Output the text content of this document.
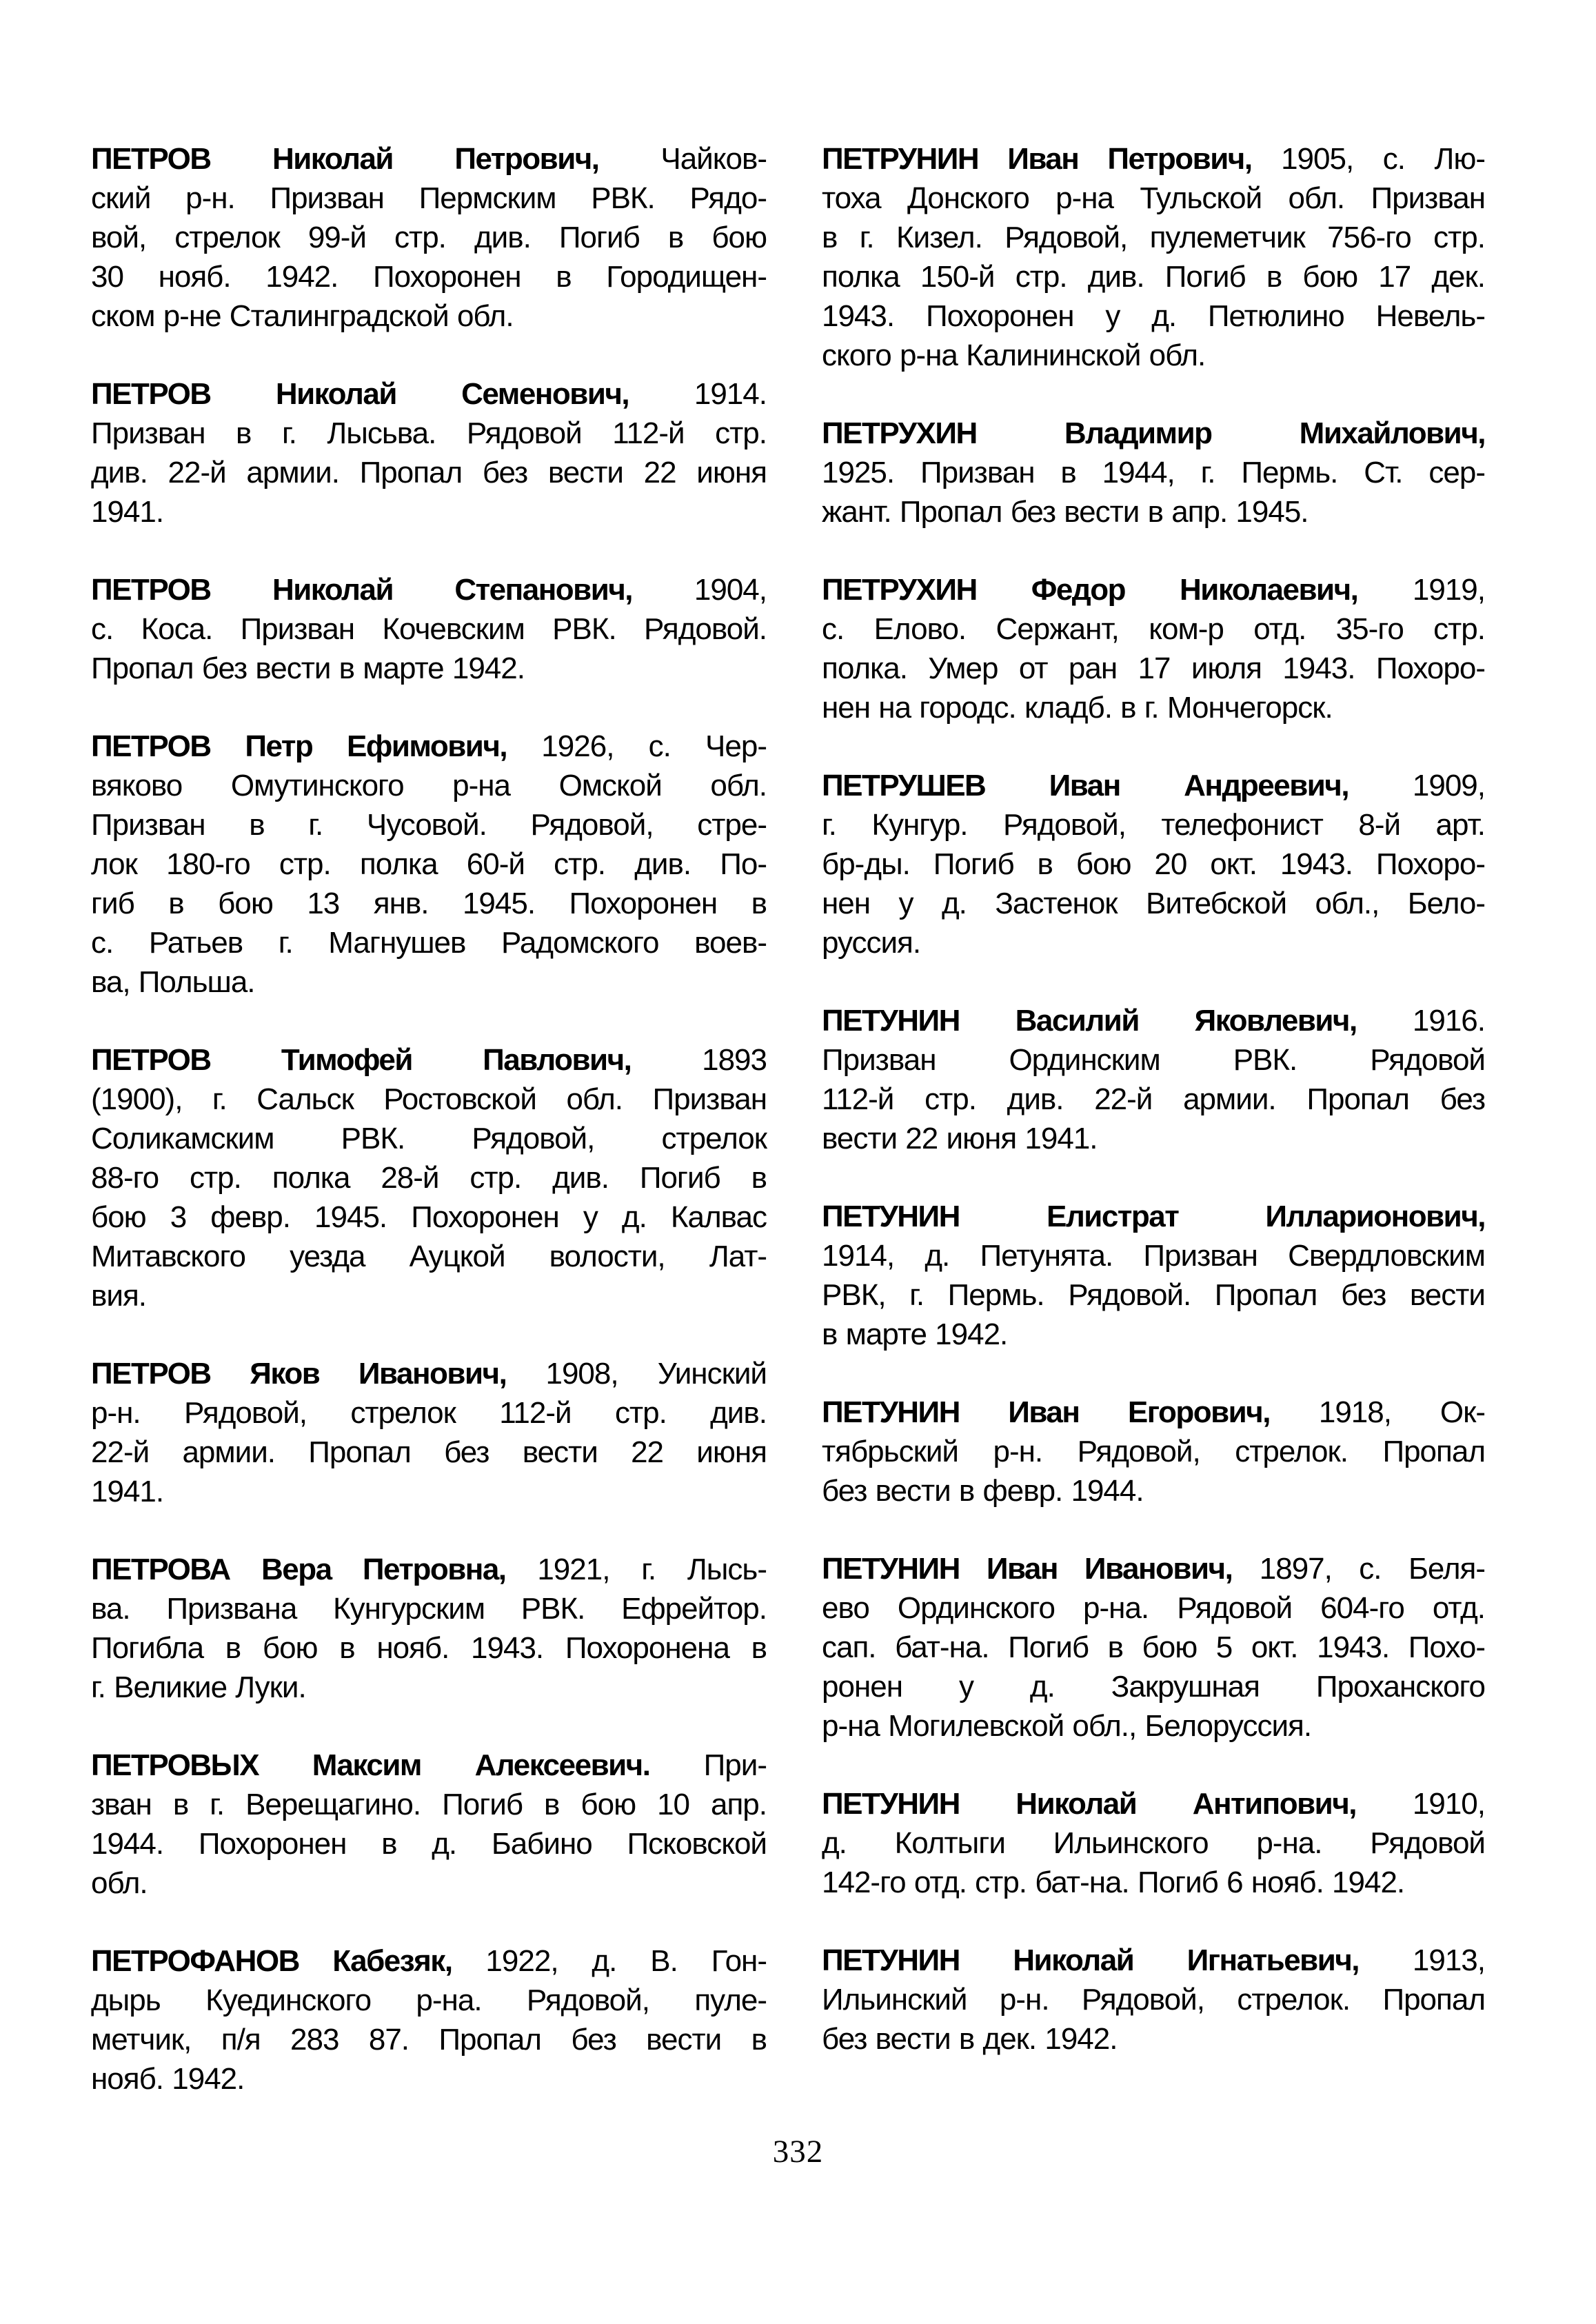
ПЕТРОВ Николай Петрович, Чайков-
ский р-н. Призван Пермским РВК. Рядо-
вой, стрелок 99-й стр. див. Погиб в бою
30 нояб. 1942. Похоронен в Городищен-
ском р-не Сталинградской обл.
ПЕТРОВ Николай Семенович, 1914.
Призван в г. Лысьва. Рядовой 112-й стр.
див. 22-й армии. Пропал без вести 22 июня
1941.
ПЕТРОВ Николай Степанович, 1904,
с. Коса. Призван Кочевским РВК. Рядовой.
Пропал без вести в марте 1942.
ПЕТРОВ Петр Ефимович, 1926, с. Чер-
вяково Омутинского р-на Омской обл.
Призван в г. Чусовой. Рядовой, стре-
лок 180-го стр. полка 60-й стр. див. По-
гиб в бою 13 янв. 1945. Похоронен в
с. Ратьев г. Магнушев Радомского воев-
ва, Польша.
ПЕТРОВ Тимофей Павлович, 1893
(1900), г. Сальск Ростовской обл. Призван
Соликамским РВК. Рядовой, стрелок
88-го стр. полка 28-й стр. див. Погиб в
бою 3 февр. 1945. Похоронен у д. Калвас
Митавского уезда Ауцкой волости, Лат-
вия.
ПЕТРОВ Яков Иванович, 1908, Уинский
р-н. Рядовой, стрелок 112-й стр. див.
22-й армии. Пропал без вести 22 июня
1941.
ПЕТРОВА Вера Петровна, 1921, г. Лысь-
ва. Призвана Кунгурским РВК. Ефрейтор.
Погибла в бою в нояб. 1943. Похоронена в
г. Великие Луки.
ПЕТРОВЫХ Максим Алексеевич. При-
зван в г. Верещагино. Погиб в бою 10 апр.
1944. Похоронен в д. Бабино Псковской
обл.
ПЕТРОФАНОВ Кабезяк, 1922, д. В. Гон-
дырь Куединского р-на. Рядовой, пуле-
метчик, п/я 283 87. Пропал без вести в
нояб. 1942.
ПЕТРУНИН Иван Петрович, 1905, с. Лю-
тоха Донского р-на Тульской обл. Призван
в г. Кизел. Рядовой, пулеметчик 756-го стр.
полка 150-й стр. див. Погиб в бою 17 дек.
1943. Похоронен у д. Петюлино Невель-
ского р-на Калининской обл.
ПЕТРУХИН Владимир Михайлович,
1925. Призван в 1944, г. Пермь. Ст. сер-
жант. Пропал без вести в апр. 1945.
ПЕТРУХИН Федор Николаевич, 1919,
с. Елово. Сержант, ком-р отд. 35-го стр.
полка. Умер от ран 17 июля 1943. Похоро-
нен на городс. кладб. в г. Мончегорск.
ПЕТРУШЕВ Иван Андреевич, 1909,
г. Кунгур. Рядовой, телефонист 8-й арт.
бр-ды. Погиб в бою 20 окт. 1943. Похоро-
нен у д. Застенок Витебской обл., Бело-
руссия.
ПЕТУНИН Василий Яковлевич, 1916.
Призван Ординским РВК. Рядовой
112-й стр. див. 22-й армии. Пропал без
вести 22 июня 1941.
ПЕТУНИН Елистрат Илларионович,
1914, д. Петунята. Призван Свердловским
РВК, г. Пермь. Рядовой. Пропал без вести
в марте 1942.
ПЕТУНИН Иван Егорович, 1918, Ок-
тябрьский р-н. Рядовой, стрелок. Пропал
без вести в февр. 1944.
ПЕТУНИН Иван Иванович, 1897, с. Беля-
ево Ординского р-на. Рядовой 604-го отд.
сап. бат-на. Погиб в бою 5 окт. 1943. Похо-
ронен у д. Закрушная Проханского
р-на Могилевской обл., Белоруссия.
ПЕТУНИН Николай Антипович, 1910,
д. Колтыги Ильинского р-на. Рядовой
142-го отд. стр. бат-на. Погиб 6 нояб. 1942.
ПЕТУНИН Николай Игнатьевич, 1913,
Ильинский р-н. Рядовой, стрелок. Пропал
без вести в дек. 1942.
332
